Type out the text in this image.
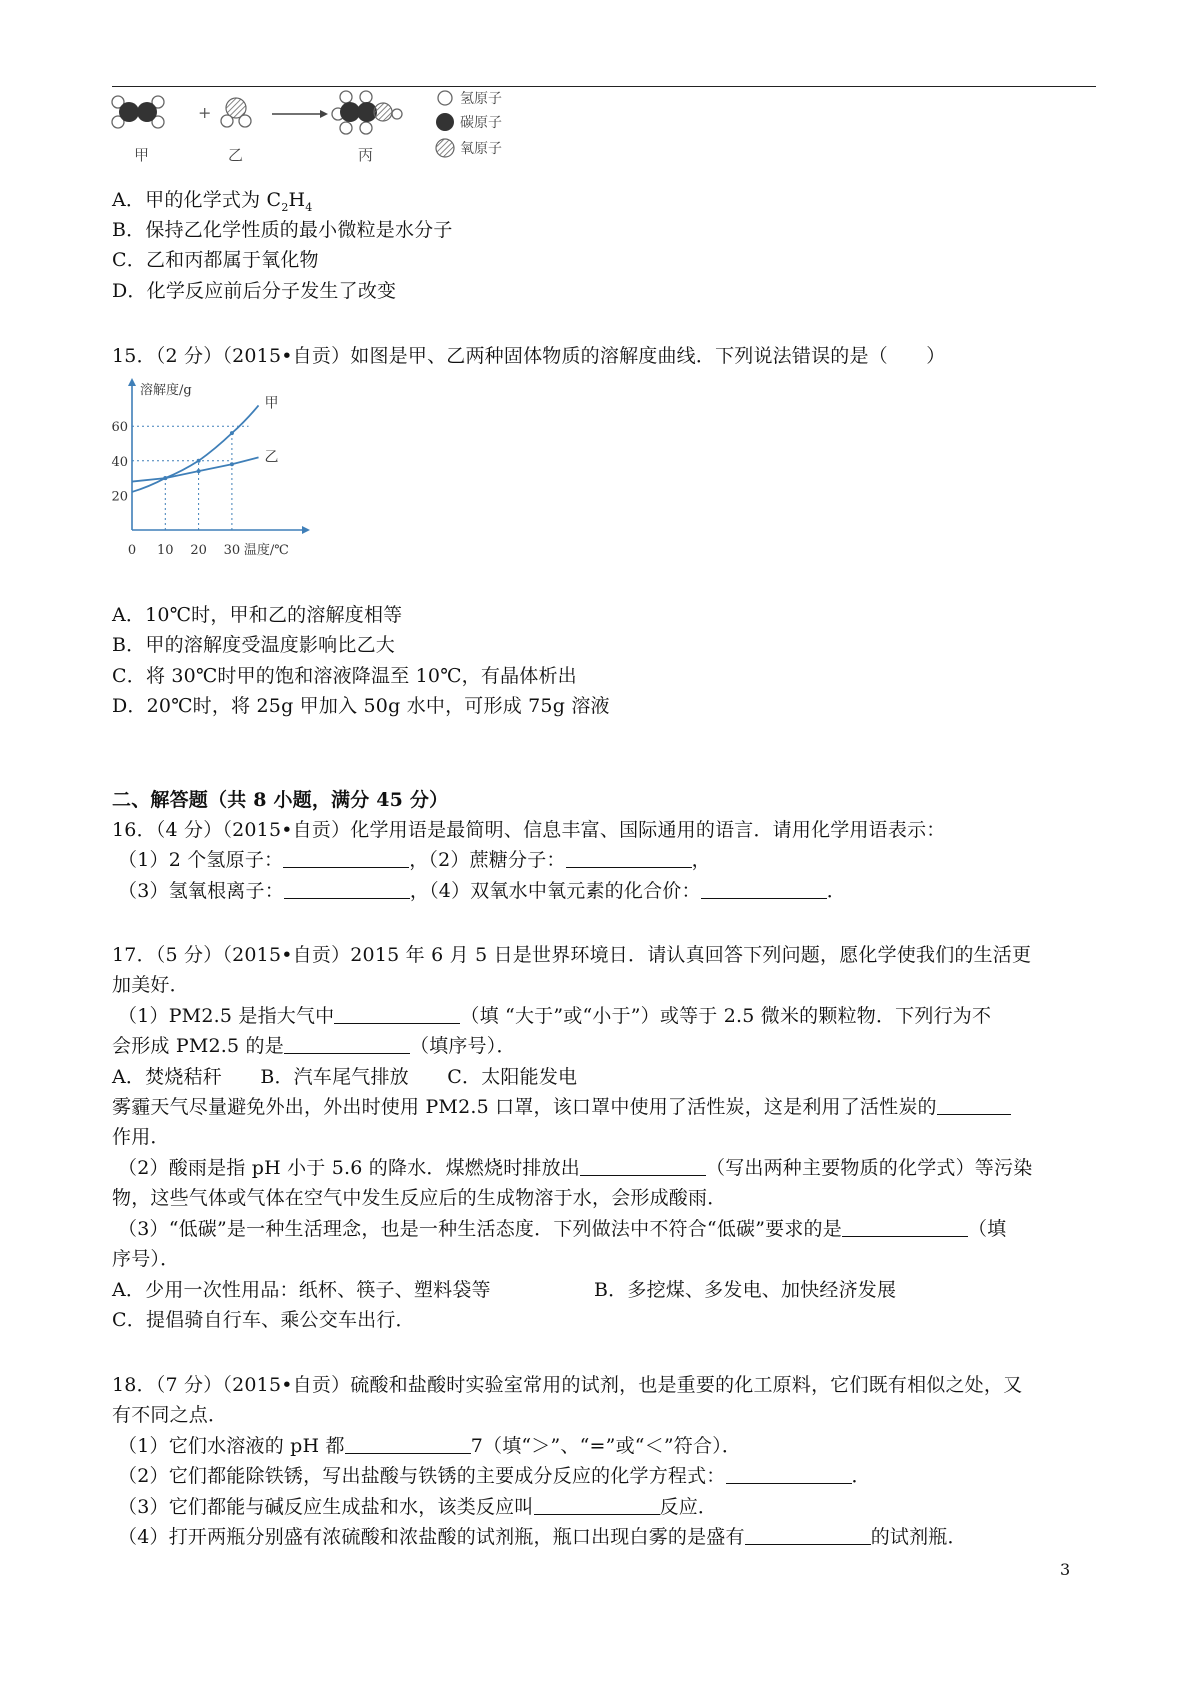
+
甲	乙	丙
氢原子
碳原子
氧原子
A．甲的化学式为 $C_2H_4$
B．保持乙化学性质的最小微粒是水分子
C．乙和丙都属于氧化物
D．化学反应前后分子发生了改变
15．（2 分）（2015•自贡）如图是甲、乙两种固体物质的溶解度曲线．下列说法错误的是（　　）
溶解度/g
温度/℃
0 10 20 30
20
40
60
甲
乙
A．10℃时，甲和乙的溶解度相等
B．甲的溶解度受温度影响比乙大
C．将 30℃时甲的饱和溶液降温至 10℃，有晶体析出
D．20℃时，将 25g 甲加入 50g 水中，可形成 75g 溶液
二、解答题（共 8 小题，满分 45 分）
16．（4 分）（2015•自贡）化学用语是最简明、信息丰富、国际通用的语言．请用化学用语表示：
（1）2 个氢原子：	，（2）蔗糖分子：	，
（3）氢氧根离子：	，（4）双氧水中氧元素的化合价：	．
17．（5 分）（2015•自贡）2015 年 6 月 5 日是世界环境日．请认真回答下列问题，愿化学使我们的生活更
加美好．
（1）PM2.5 是指大气中	（填 “大于”或“小于”）或等于 2.5 微米的颗粒物．下列行为不
会形成 PM2.5 的是	（填序号）．
A．焚烧秸秆　　B．汽车尾气排放　　C．太阳能发电
雾霾天气尽量避免外出，外出时使用 PM2.5 口罩，该口罩中使用了活性炭，这是利用了活性炭的
作用．
（2）酸雨是指 pH 小于 5.6 的降水．煤燃烧时排放出	（写出两种主要物质的化学式）等污染
物，这些气体或气体在空气中发生反应后的生成物溶于水，会形成酸雨．
（3）“低碳”是一种生活理念，也是一种生活态度．下列做法中不符合“低碳”要求的是	（填
序号）．
A．少用一次性用品：纸杯、筷子、塑料袋等	B．多挖煤、多发电、加快经济发展
C．提倡骑自行车、乘公交车出行．
18．（7 分）（2015•自贡）硫酸和盐酸时实验室常用的试剂，也是重要的化工原料，它们既有相似之处，又
有不同之点．
（1）它们水溶液的 pH 都	7（填“＞”、“=”或“＜”符合）．
（2）它们都能除铁锈，写出盐酸与铁锈的主要成分反应的化学方程式：	．
（3）它们都能与碱反应生成盐和水，该类反应叫	反应．
（4）打开两瓶分别盛有浓硫酸和浓盐酸的试剂瓶，瓶口出现白雾的是盛有	的试剂瓶．
3
